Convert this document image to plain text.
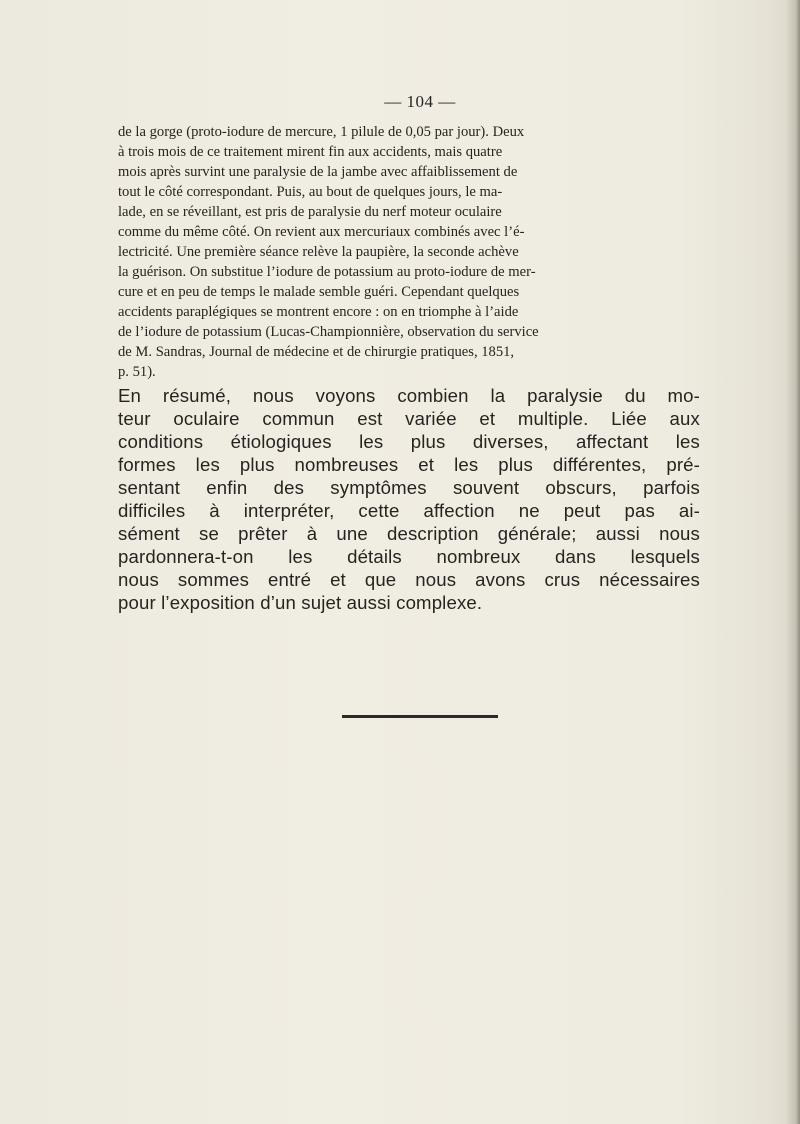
— 104 —

de la gorge (proto-iodure de mercure, 1 pilule de 0,05 par jour). Deux
à trois mois de ce traitement mirent fin aux accidents, mais quatre
mois après survint une paralysie de la jambe avec affaiblissement de
tout le côté correspondant. Puis, au bout de quelques jours, le ma-
lade, en se réveillant, est pris de paralysie du nerf moteur oculaire
comme du même côté. On revient aux mercuriaux combinés avec l’é-
lectricité. Une première séance relève la paupière, la seconde achève
la guérison. On substitue l’iodure de potassium au proto-iodure de mer-
cure et en peu de temps le malade semble guéri. Cependant quelques
accidents paraplégiques se montrent encore : on en triomphe à l’aide
de l’iodure de potassium (Lucas-Championnière, observation du service
de M. Sandras, Journal de médecine et de chirurgie pratiques, 1851,
p. 51).

En résumé, nous voyons combien la paralysie du mo-
teur oculaire commun est variée et multiple. Liée aux
conditions étiologiques les plus diverses, affectant les
formes les plus nombreuses et les plus différentes, pré-
sentant enfin des symptômes souvent obscurs, parfois
difficiles à interpréter, cette affection ne peut pas ai-
sément se prêter à une description générale; aussi nous
pardonnera-t-on les détails nombreux dans lesquels
nous sommes entré et que nous avons crus nécessaires
pour l’exposition d’un sujet aussi complexe.
